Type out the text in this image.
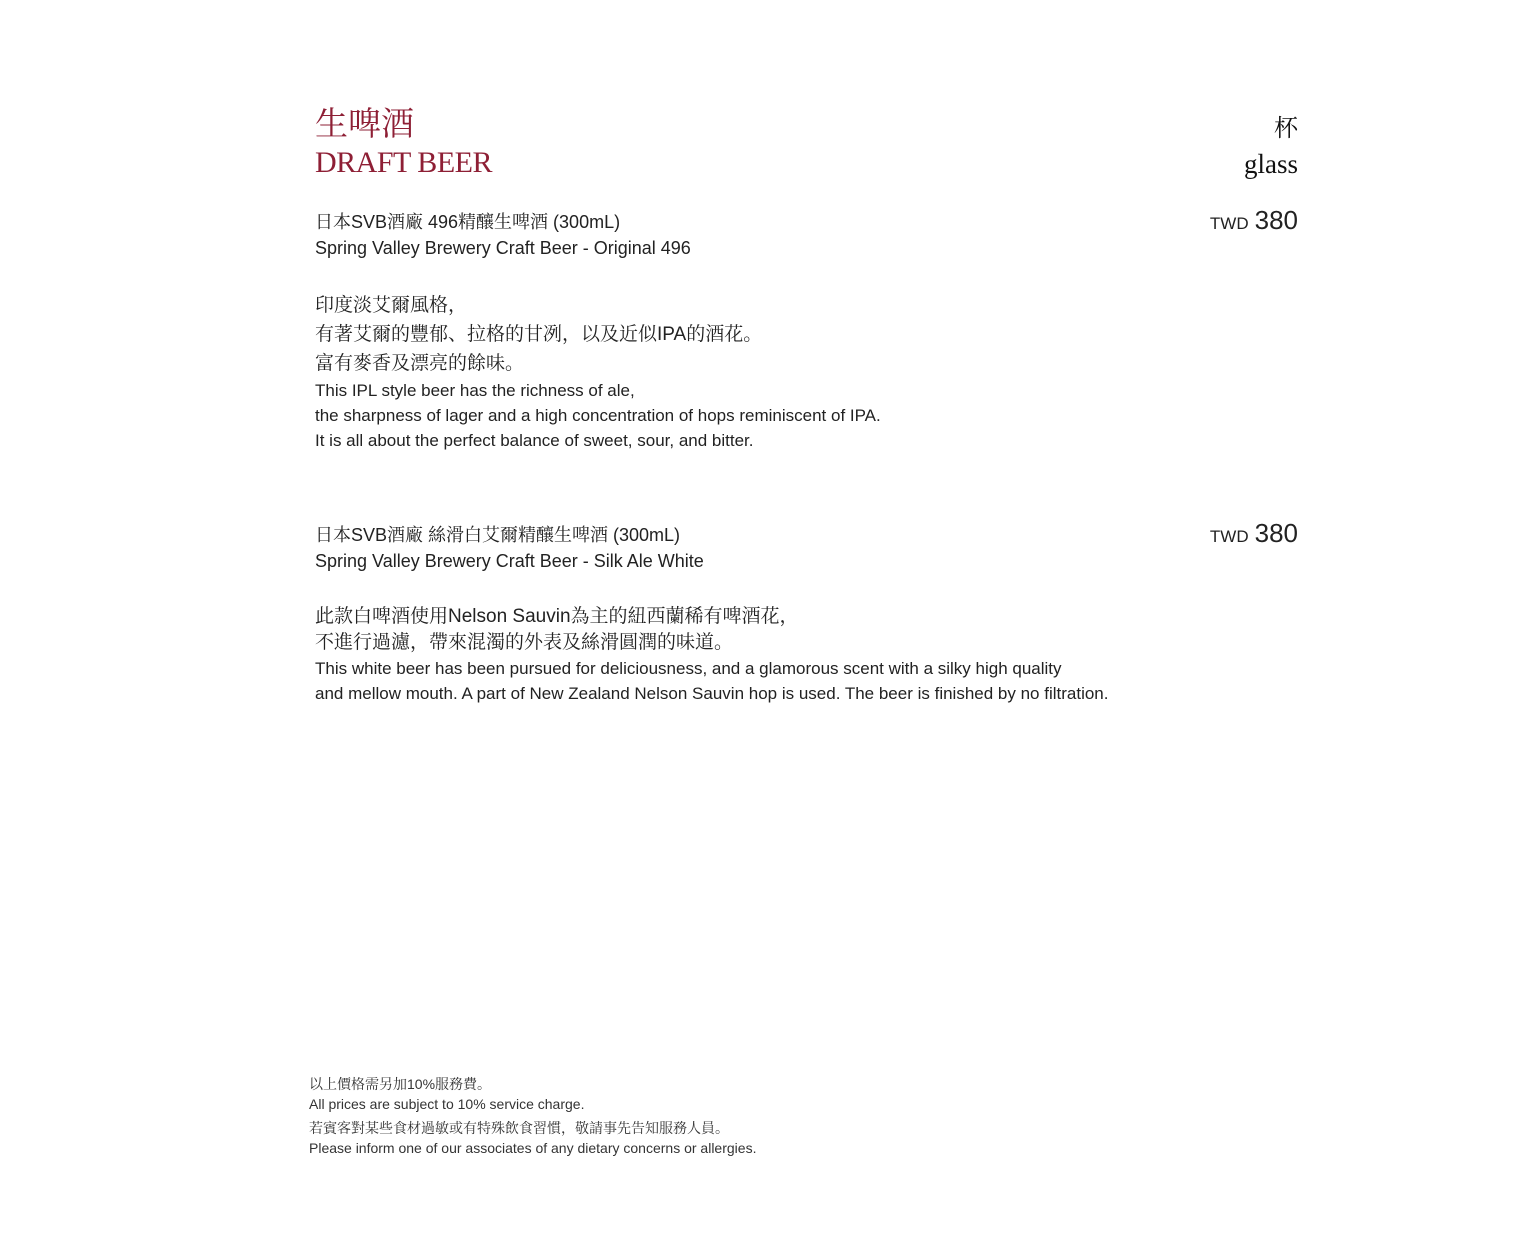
生啤酒
DRAFT BEER
杯
glass
日本SVB酒廠 496精釀生啤酒 (300mL)
Spring Valley Brewery Craft Beer - Original 496
印度淡艾爾風格，
有著艾爾的豐郁、拉格的甘冽，以及近似IPA的酒花。
富有麥香及漂亮的餘味。
This IPL style beer has the richness of ale,
the sharpness of lager and a high concentration of hops reminiscent of IPA.
It is all about the perfect balance of sweet, sour, and bitter.
TWD 380
日本SVB酒廠 絲滑白艾爾精釀生啤酒 (300mL)
Spring Valley Brewery Craft Beer - Silk Ale White
此款白啤酒使用Nelson Sauvin為主的紐西蘭稀有啤酒花，
不進行過濾，帶來混濁的外表及絲滑圓潤的味道。
This white beer has been pursued for deliciousness, and a glamorous scent with a silky high quality
and mellow mouth. A part of New Zealand Nelson Sauvin hop is used. The beer is finished by no filtration.
TWD 380
以上價格需另加10%服務費。
All prices are subject to 10% service charge.
若賓客對某些食材過敏或有特殊飲食習慣，敬請事先告知服務人員。
Please inform one of our associates of any dietary concerns or allergies.
